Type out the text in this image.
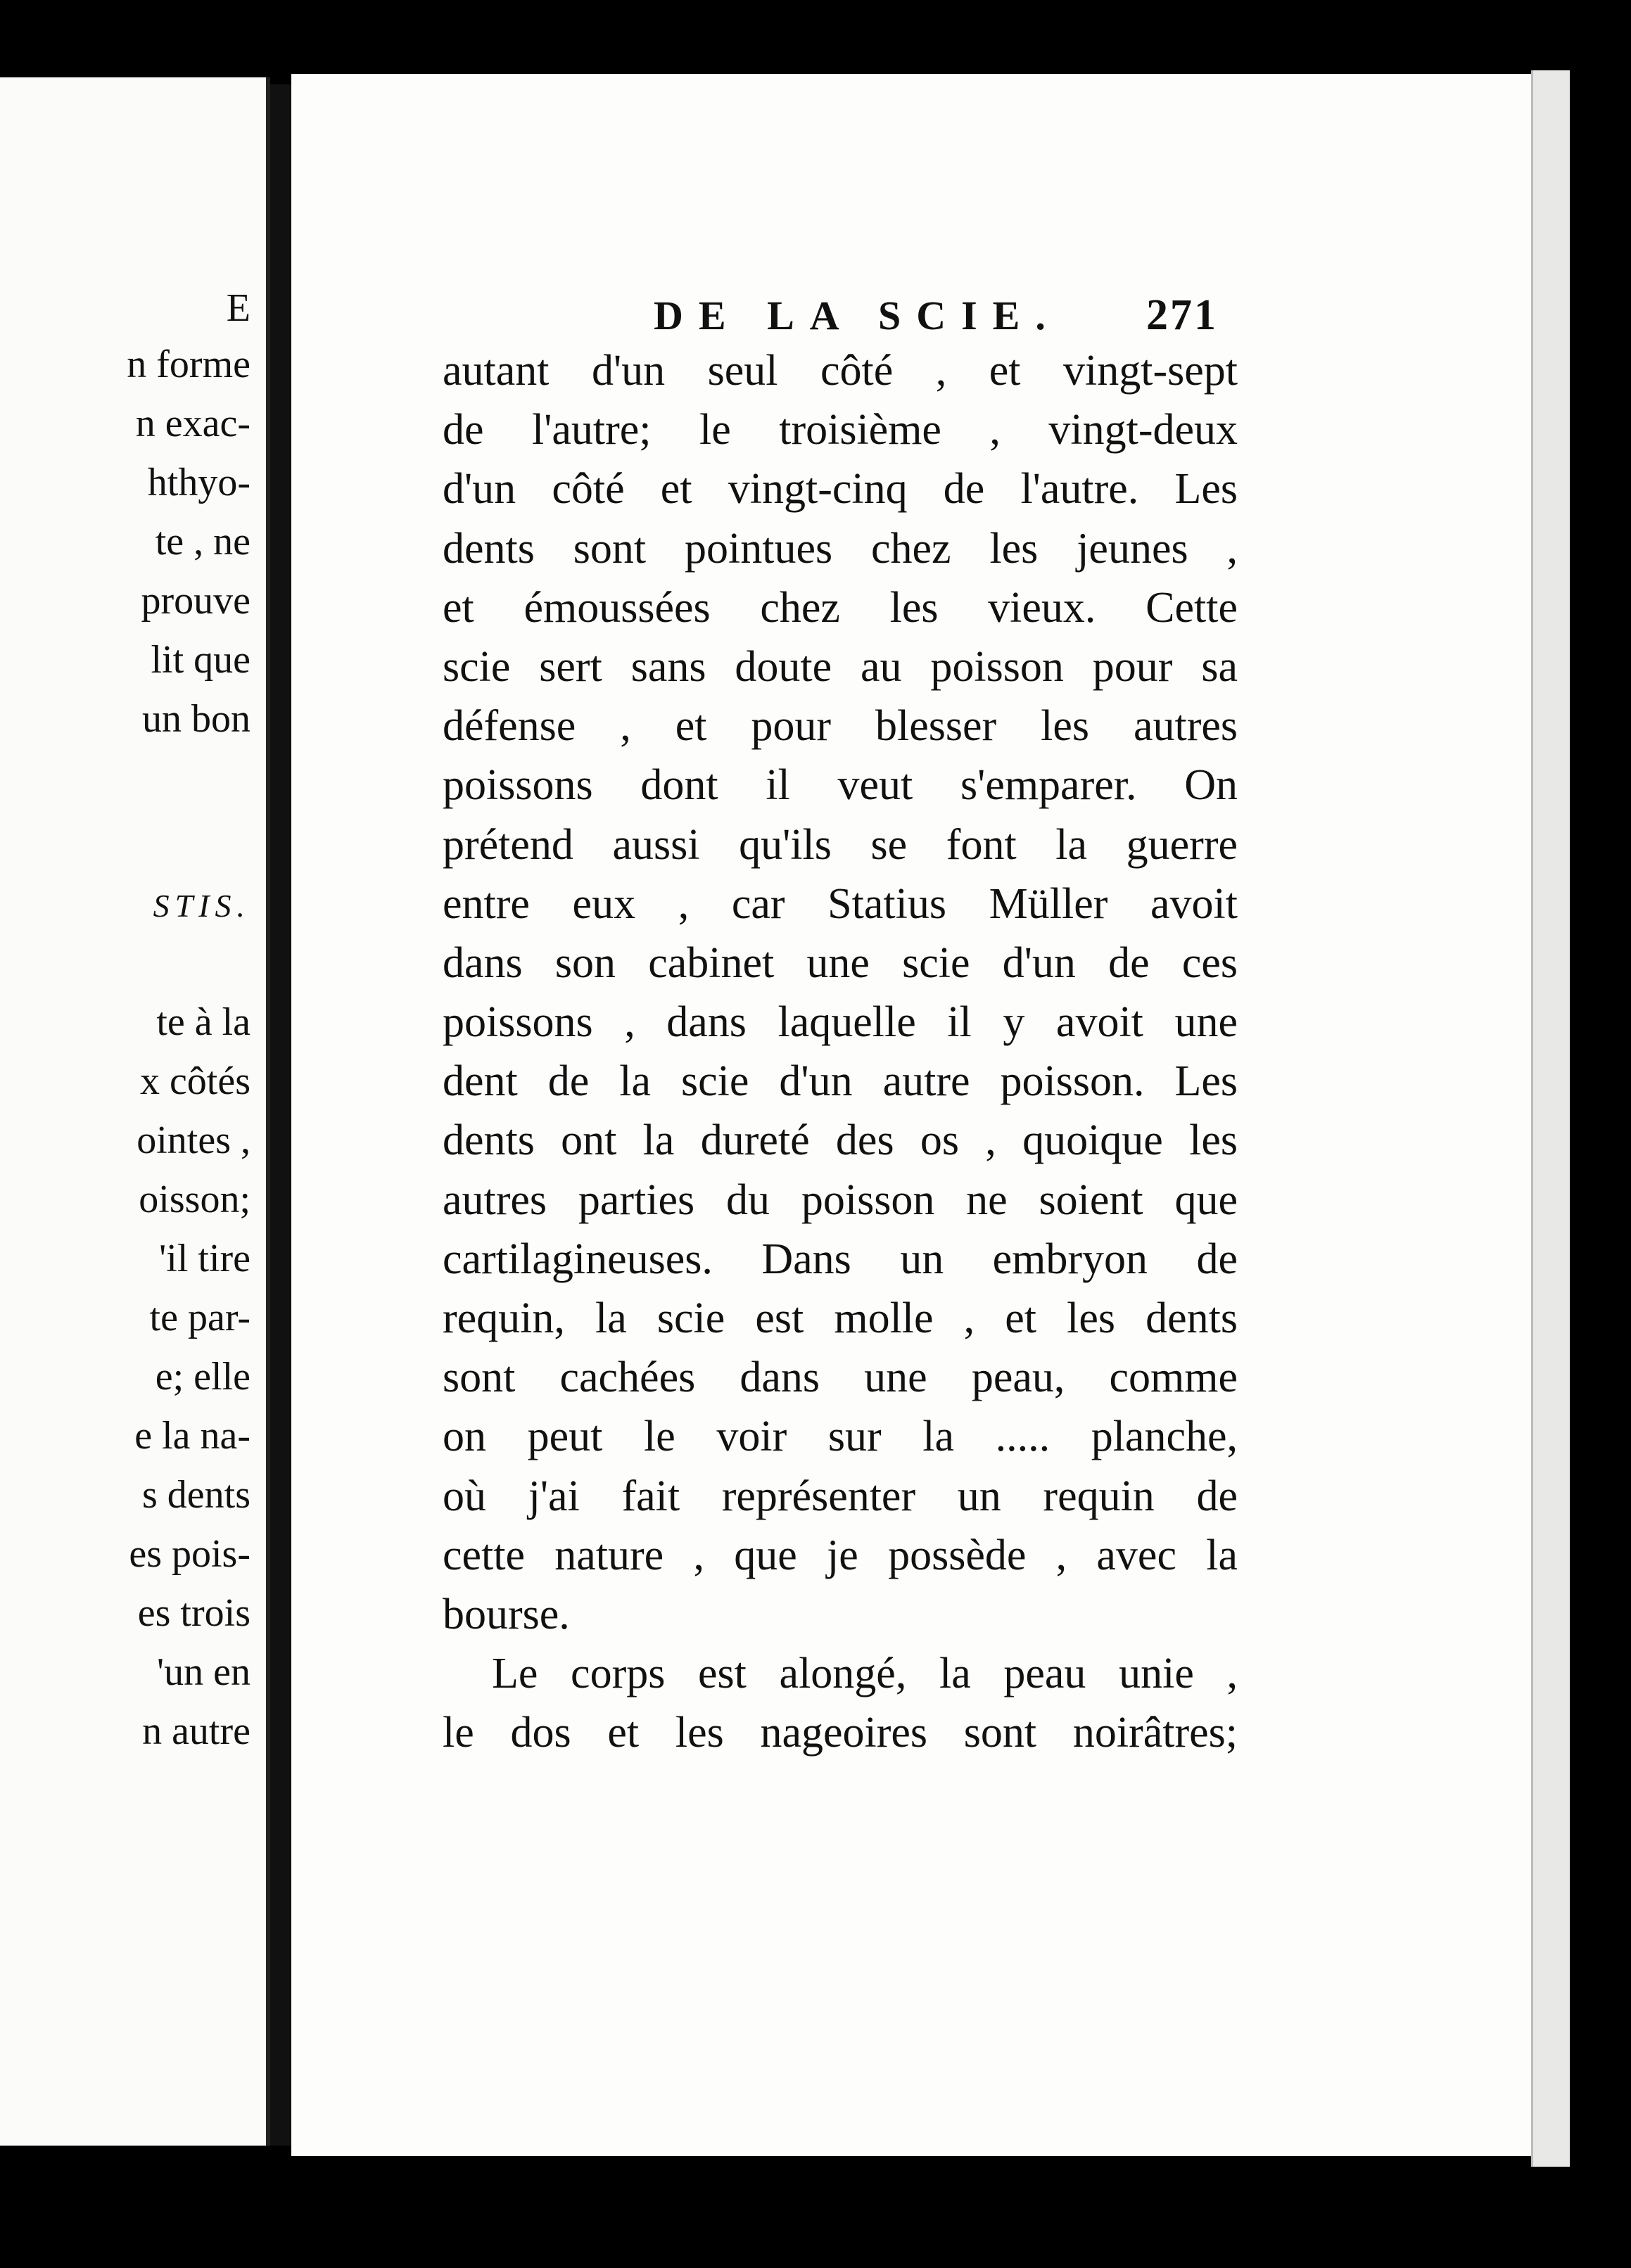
E
n forme
n exac-
hthyo-
te , ne
prouve
lit que
un bon
STIS.
te à la
x côtés
ointes ,
oisson;
'il tire
te par-
e; elle
e la na-
s dents
es pois-
es trois
'un en
n autre
DE LA SCIE. 271
autant d'un seul côté , et vingt-sept
de l'autre; le troisième , vingt-deux
d'un côté et vingt-cinq de l'autre. Les
dents sont pointues chez les jeunes ,
et émoussées chez les vieux. Cette
scie sert sans doute au poisson pour sa
défense , et pour blesser les autres
poissons dont il veut s'emparer. On
prétend aussi qu'ils se font la guerre
entre eux , car Statius Müller avoit
dans son cabinet une scie d'un de ces
poissons , dans laquelle il y avoit une
dent de la scie d'un autre poisson. Les
dents ont la dureté des os , quoique les
autres parties du poisson ne soient que
cartilagineuses. Dans un embryon de
requin, la scie est molle , et les dents
sont cachées dans une peau, comme
on peut le voir sur la ..... planche,
où j'ai fait représenter un requin de
cette nature , que je possède , avec la
bourse.
Le corps est alongé, la peau unie ,
le dos et les nageoires sont noirâtres;
